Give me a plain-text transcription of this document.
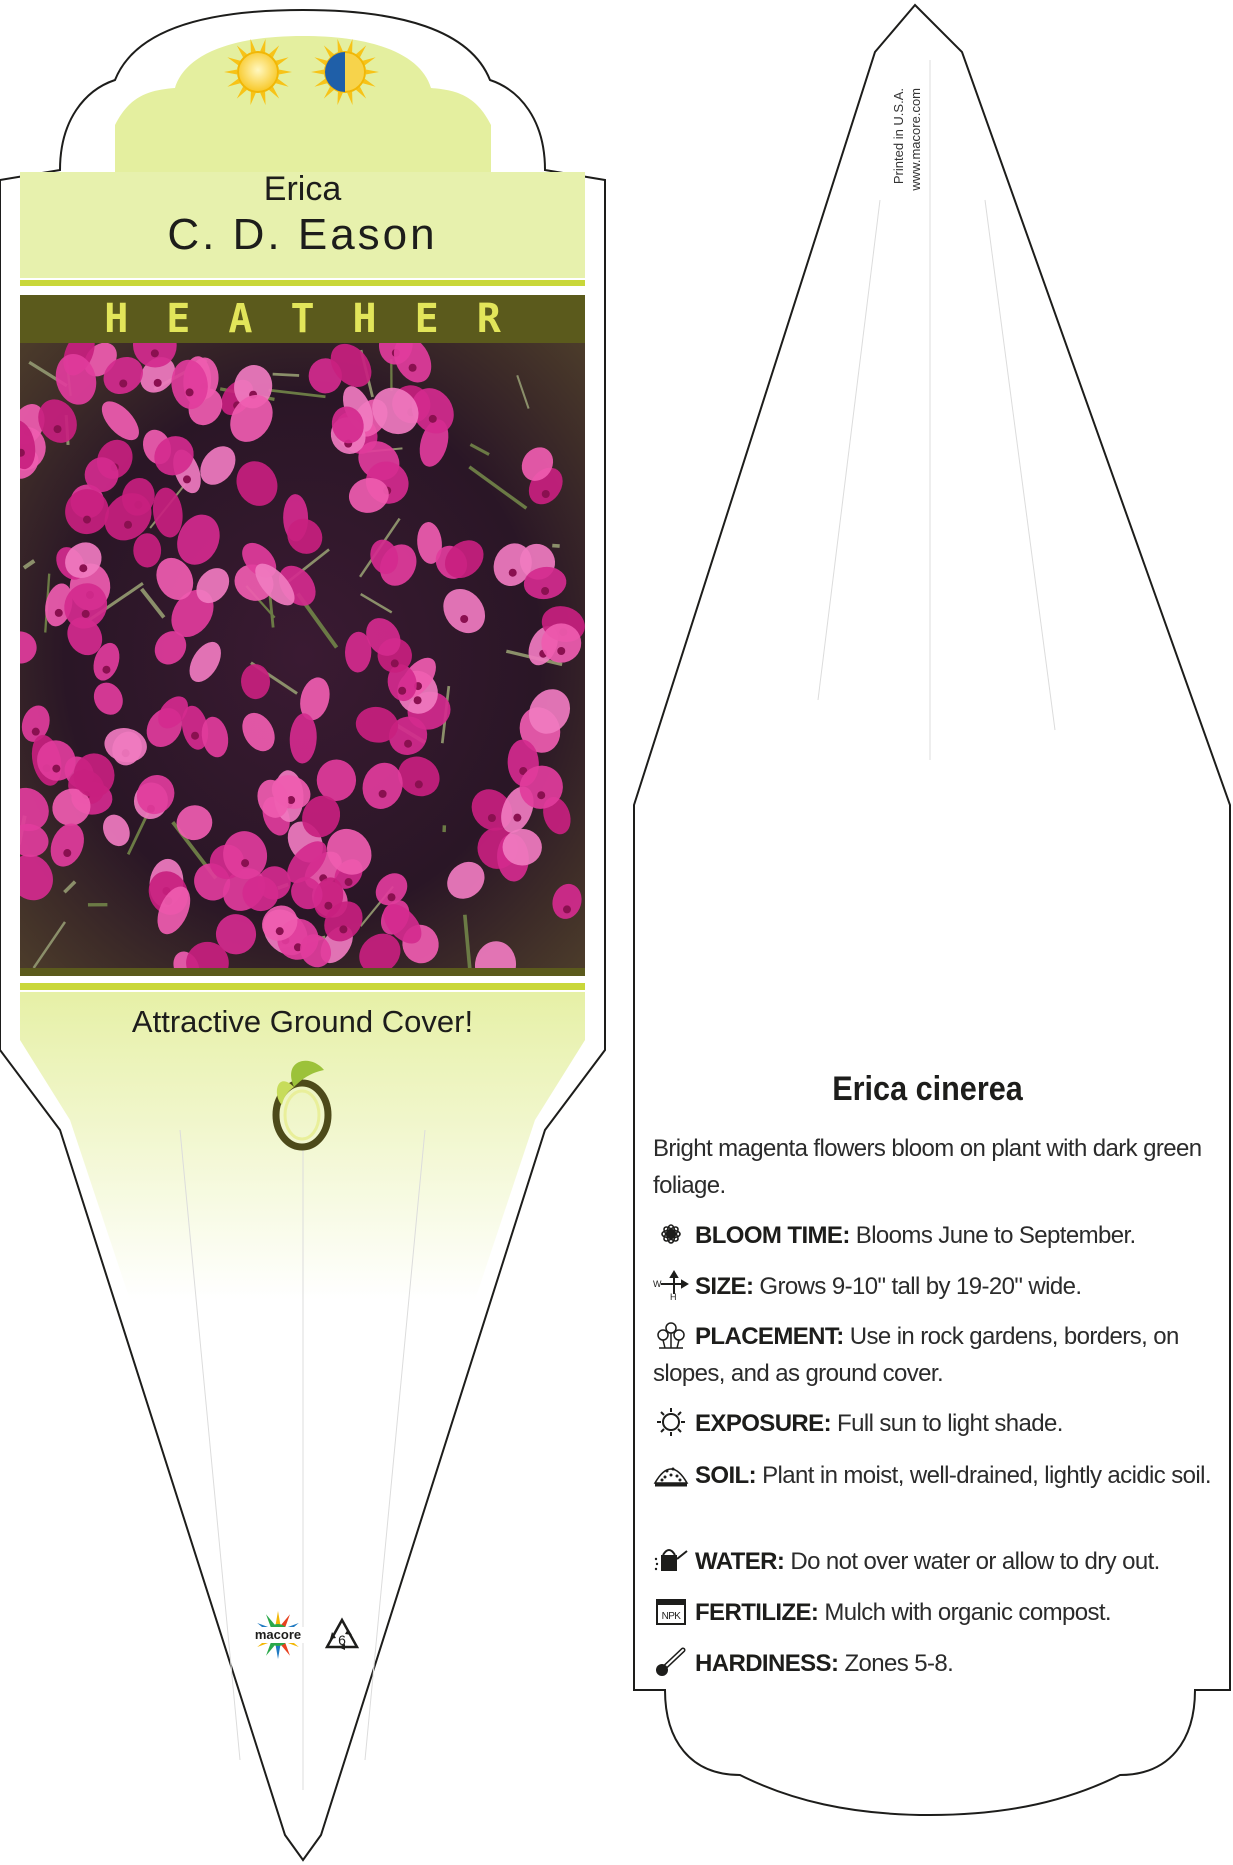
Erica
C. D. Eason
HEATHER
Attractive Ground Cover!
macore	6
Printed in U.S.A. www.macore.com
Erica cinerea
Bright magenta flowers bloom on plant with dark green foliage.
BLOOM TIME: Blooms June to September.
W
H SIZE: Grows 9-10" tall by 19-20" wide.
PLACEMENT: Use in rock gardens, borders, on slopes, and as ground cover.
EXPOSURE: Full sun to light shade.
SOIL: Plant in moist, well-drained, lightly acidic soil.
WATER: Do not over water or allow to dry out.
NPK FERTILIZE: Mulch with organic compost.
HARDINESS: Zones 5-8.
